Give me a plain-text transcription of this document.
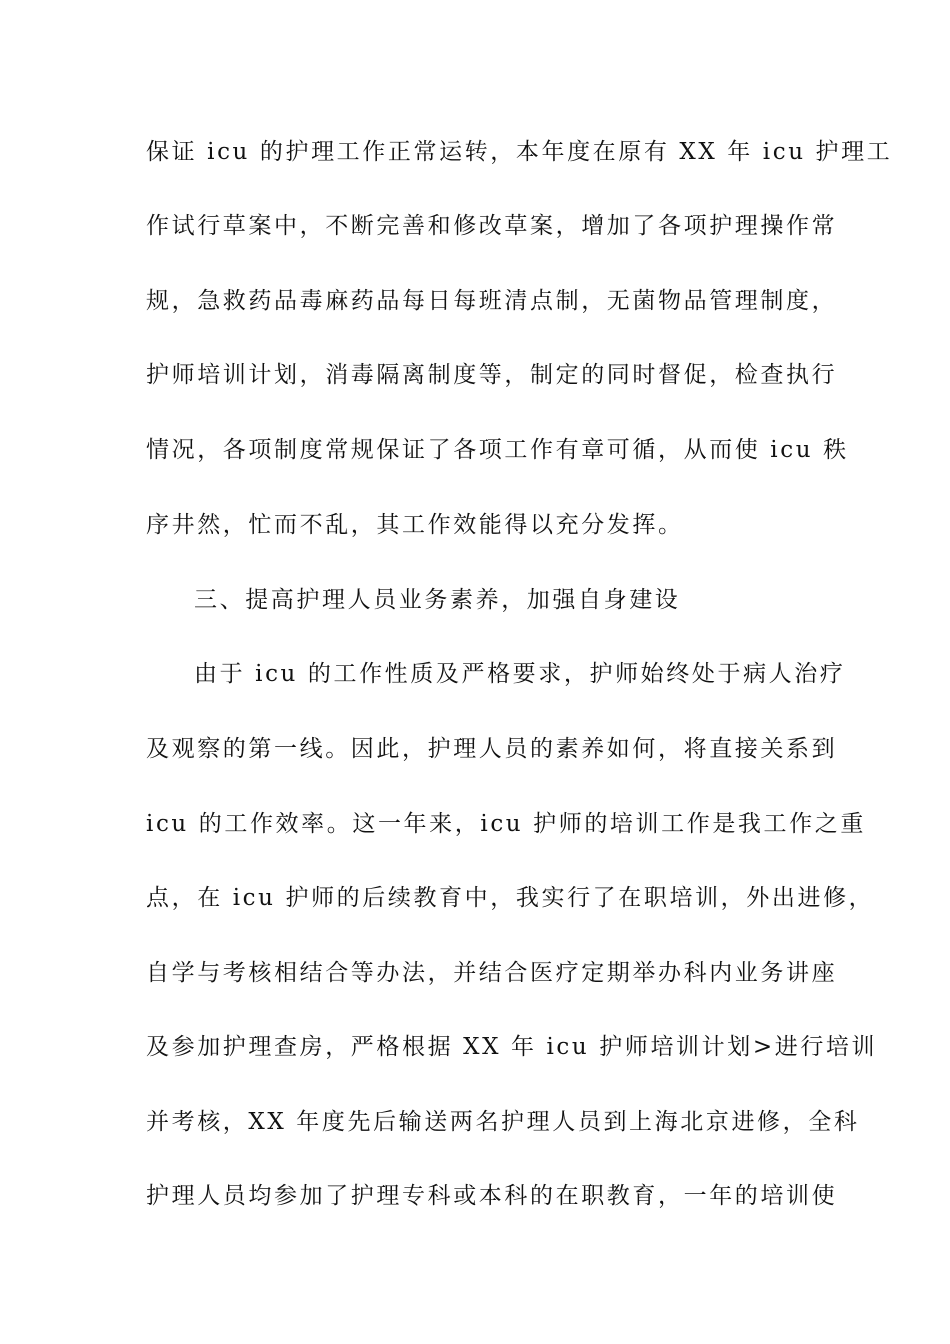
保证 icu 的护理工作正常运转，本年度在原有 XX 年 icu 护理工
作试行草案中，不断完善和修改草案，增加了各项护理操作常
规，急救药品毒麻药品每日每班清点制，无菌物品管理制度，
护师培训计划，消毒隔离制度等，制定的同时督促，检查执行
情况，各项制度常规保证了各项工作有章可循，从而使 icu 秩
序井然，忙而不乱，其工作效能得以充分发挥。
三、提高护理人员业务素养，加强自身建设
由于 icu 的工作性质及严格要求，护师始终处于病人治疗
及观察的第一线。因此，护理人员的素养如何，将直接关系到
icu 的工作效率。这一年来，icu 护师的培训工作是我工作之重
点，在 icu 护师的后续教育中，我实行了在职培训，外出进修，
自学与考核相结合等办法，并结合医疗定期举办科内业务讲座
及参加护理查房，严格根据 XX 年 icu 护师培训计划>进行培训
并考核，XX 年度先后输送两名护理人员到上海北京进修，全科
护理人员均参加了护理专科或本科的在职教育，一年的培训使
